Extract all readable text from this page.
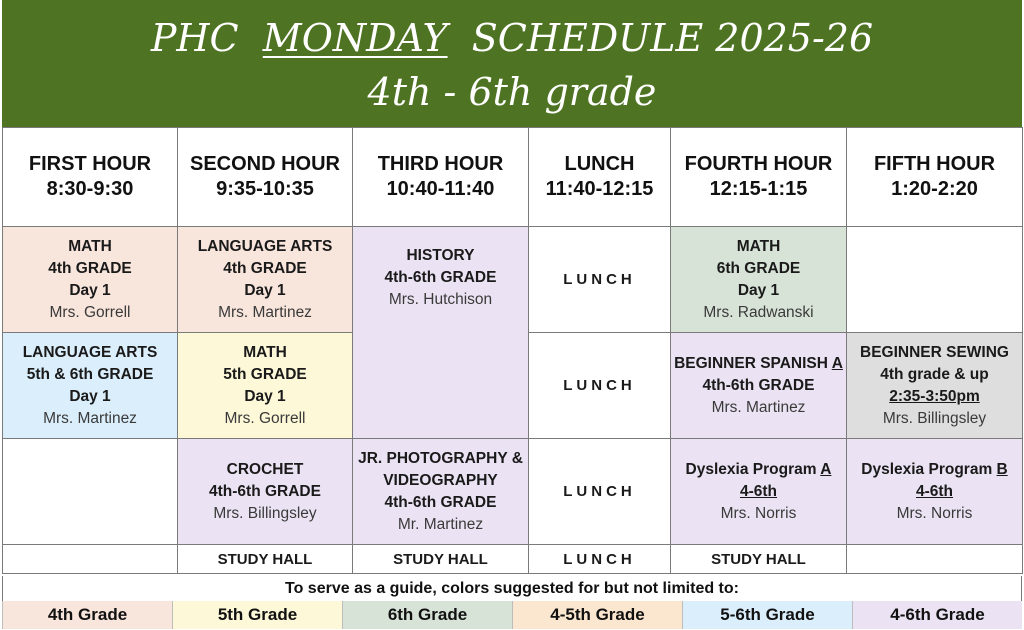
PHC MONDAY SCHEDULE 2025-26
4th - 6th grade
FIRST HOUR
8:30-9:30	SECOND HOUR
9:35-10:35	THIRD HOUR
10:40-11:40	LUNCH
11:40-12:15	FOURTH HOUR
12:15-1:15	FIFTH HOUR
1:20-2:20

MATH
4th GRADE
Day 1
Mrs. Gorrell	LANGUAGE ARTS
4th GRADE
Day 1
Mrs. Martinez	HISTORY
4th-6th GRADE
Mrs. Hutchison	LUNCH	MATH
6th GRADE
Day 1
Mrs. Radwanski	

LANGUAGE ARTS
5th & 6th GRADE
Day 1
Mrs. Martinez	MATH
5th GRADE
Day 1
Mrs. Gorrell		LUNCH	BEGINNER SPANISH A
4th-6th GRADE
Mrs. Martinez	BEGINNER SEWING
4th grade & up
2:35-3:50pm
Mrs. Billingsley

	CROCHET
4th-6th GRADE
Mrs. Billingsley	JR. PHOTOGRAPHY &
VIDEOGRAPHY
4th-6th GRADE
Mr. Martinez	LUNCH	Dyslexia Program A
4-6th
Mrs. Norris	Dyslexia Program B
4-6th
Mrs. Norris

	STUDY HALL	STUDY HALL	LUNCH	STUDY HALL	
To serve as a guide, colors suggested for but not limited to:
4th Grade	5th Grade	6th Grade	4-5th Grade	5-6th Grade	4-6th Grade
